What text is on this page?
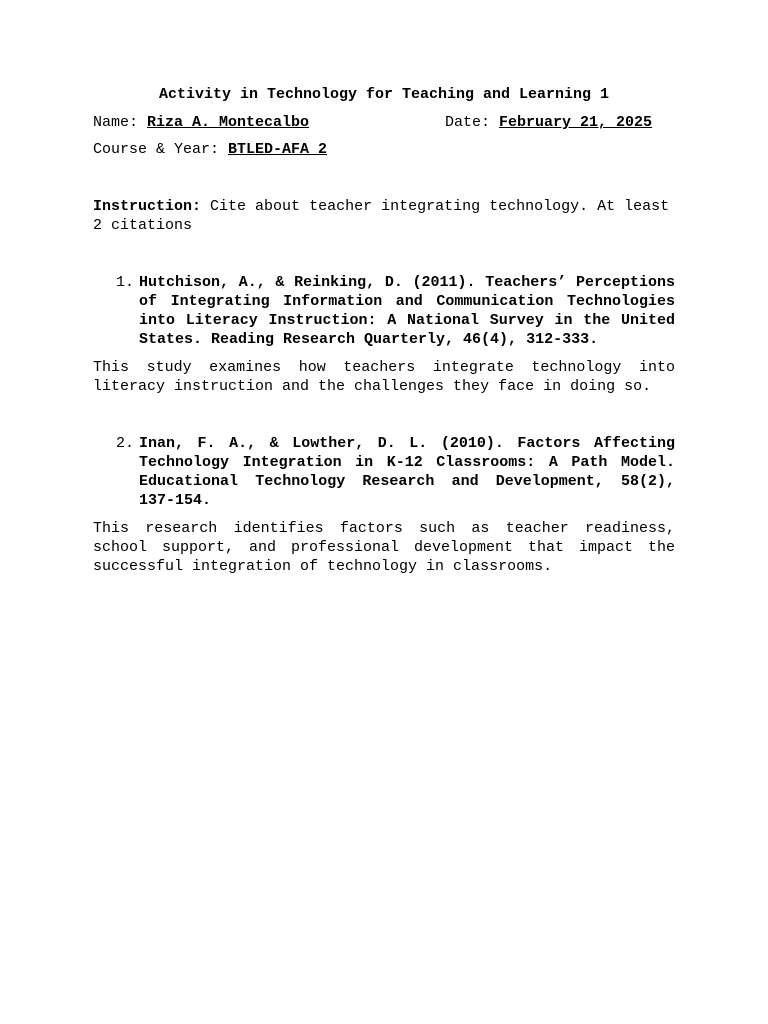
Activity in Technology for Teaching and Learning 1
Name: Riza A. Montecalbo	Date: February 21, 2025
Course & Year: BTLED-AFA 2
Instruction: Cite about teacher integrating technology. At least 2 citations
1. Hutchison, A., & Reinking, D. (2011). Teachers’ Perceptions of Integrating Information and Communication Technologies into Literacy Instruction: A National Survey in the United States. Reading Research Quarterly, 46(4), 312-333.
This study examines how teachers integrate technology into literacy instruction and the challenges they face in doing so.
2. Inan, F. A., & Lowther, D. L. (2010). Factors Affecting Technology Integration in K-12 Classrooms: A Path Model. Educational Technology Research and Development, 58(2), 137-154.
This research identifies factors such as teacher readiness, school support, and professional development that impact the successful integration of technology in classrooms.
